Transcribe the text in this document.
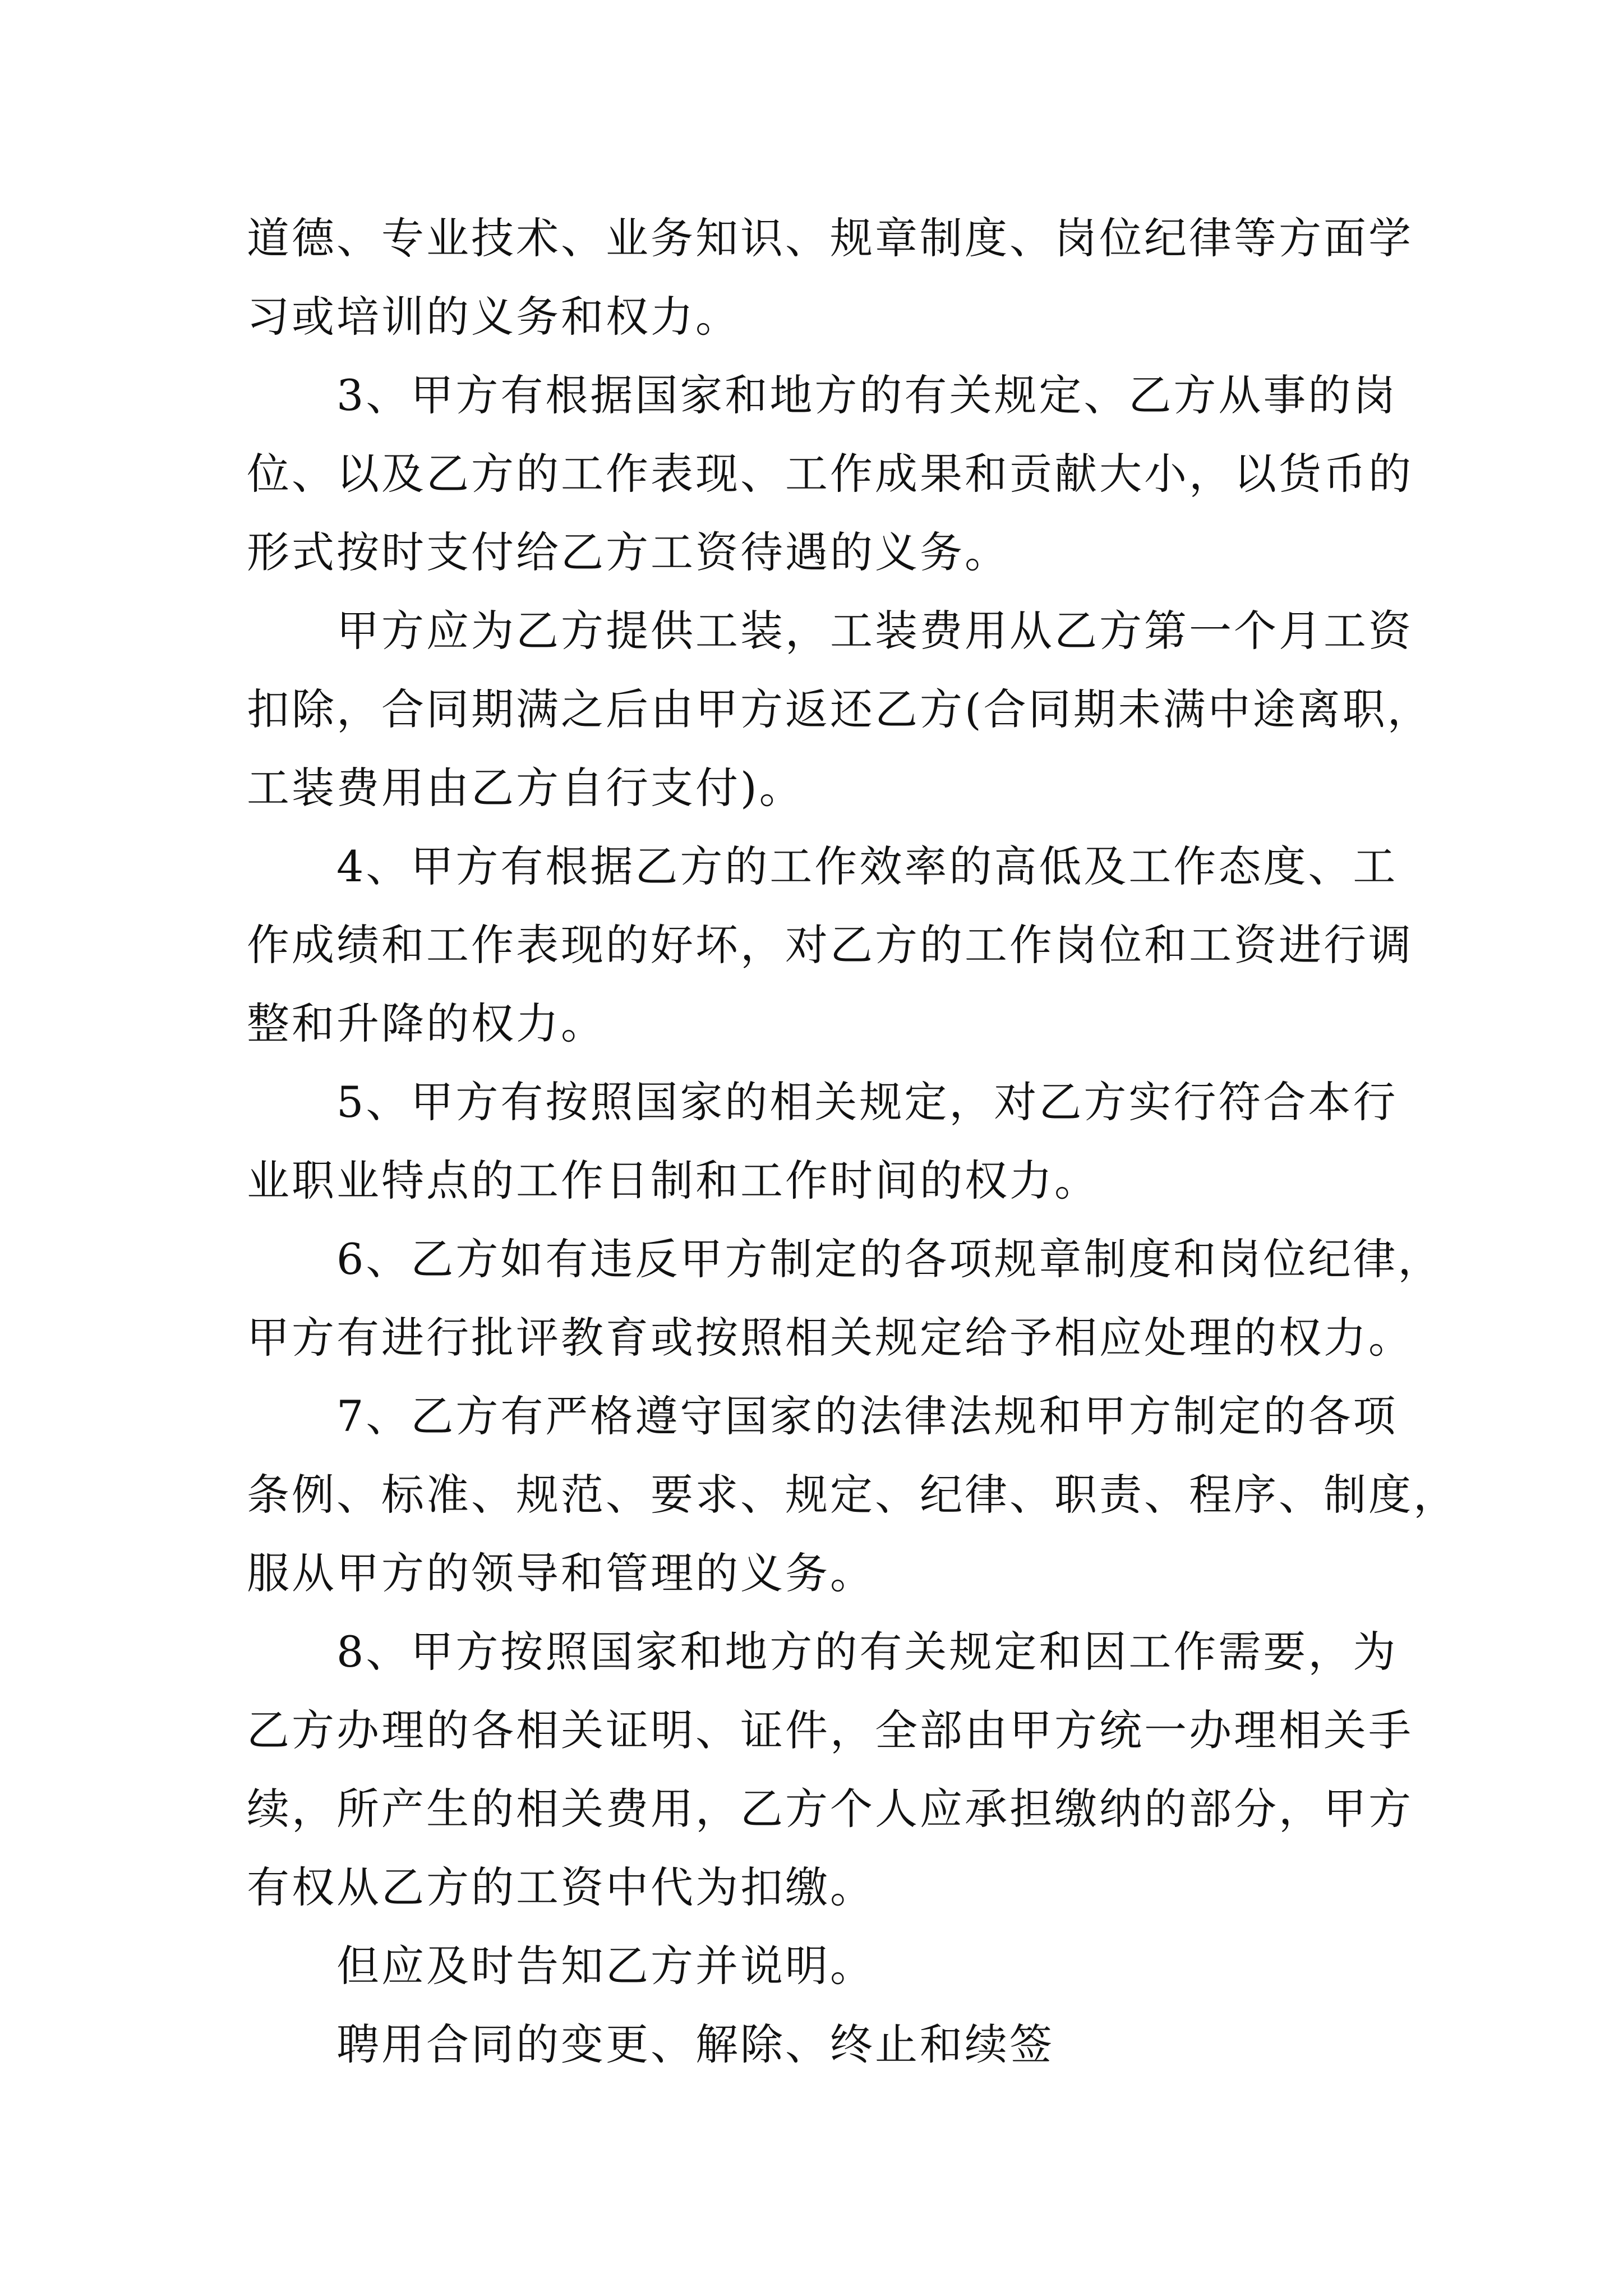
道德、专业技术、业务知识、规章制度、岗位纪律等方面学
习或培训的义务和权力。
3、甲方有根据国家和地方的有关规定、乙方从事的岗
位、以及乙方的工作表现、工作成果和贡献大小，以货币的
形式按时支付给乙方工资待遇的义务。
甲方应为乙方提供工装，工装费用从乙方第一个月工资
扣除，合同期满之后由甲方返还乙方(合同期未满中途离职，
工装费用由乙方自行支付)。
4、甲方有根据乙方的工作效率的高低及工作态度、工
作成绩和工作表现的好坏，对乙方的工作岗位和工资进行调
整和升降的权力。
5、甲方有按照国家的相关规定，对乙方实行符合本行
业职业特点的工作日制和工作时间的权力。
6、乙方如有违反甲方制定的各项规章制度和岗位纪律，
甲方有进行批评教育或按照相关规定给予相应处理的权力。
7、乙方有严格遵守国家的法律法规和甲方制定的各项
条例、标准、规范、要求、规定、纪律、职责、程序、制度，
服从甲方的领导和管理的义务。
8、甲方按照国家和地方的有关规定和因工作需要，为
乙方办理的各相关证明、证件，全部由甲方统一办理相关手
续，所产生的相关费用，乙方个人应承担缴纳的部分，甲方
有权从乙方的工资中代为扣缴。
但应及时告知乙方并说明。
聘用合同的变更、解除、终止和续签
